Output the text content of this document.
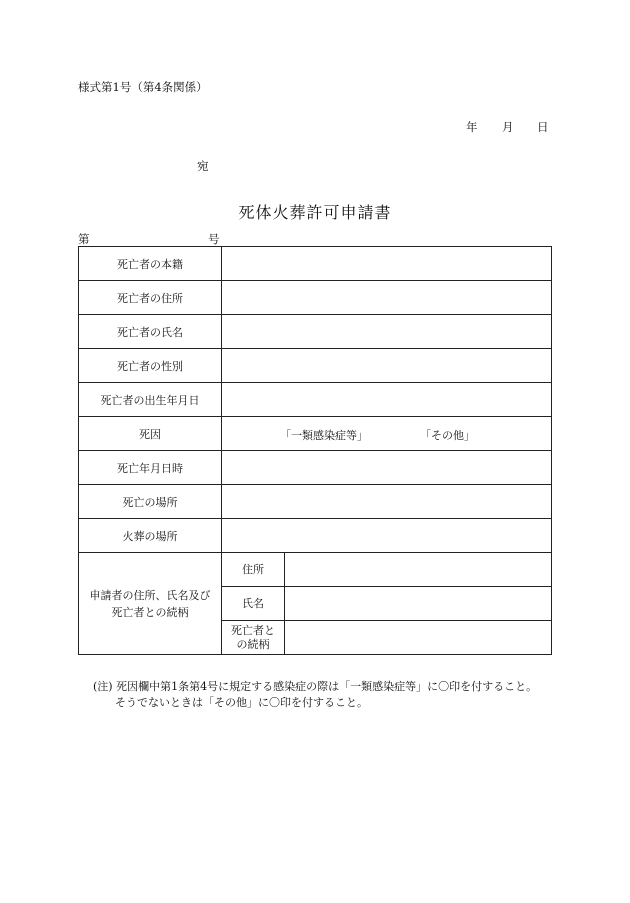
様式第1号（第4条関係）
年 月 日
宛
死体火葬許可申請書
第	号
死亡者の本籍		
死亡者の住所		
死亡者の氏名		
死亡者の性別		
死亡者の出生年月日		
死因	「一類感染症等」 「その他」	

死亡年月日時		
死亡の場所		
火葬の場所		
申請者の住所、氏名及び死亡者との続柄	住所	
	氏名	
	死亡者との続柄	
(注) 死因欄中第1条第4号に規定する感染症の際は「一類感染症等」に〇印を付すること。
そうでないときは「その他」に〇印を付すること。
